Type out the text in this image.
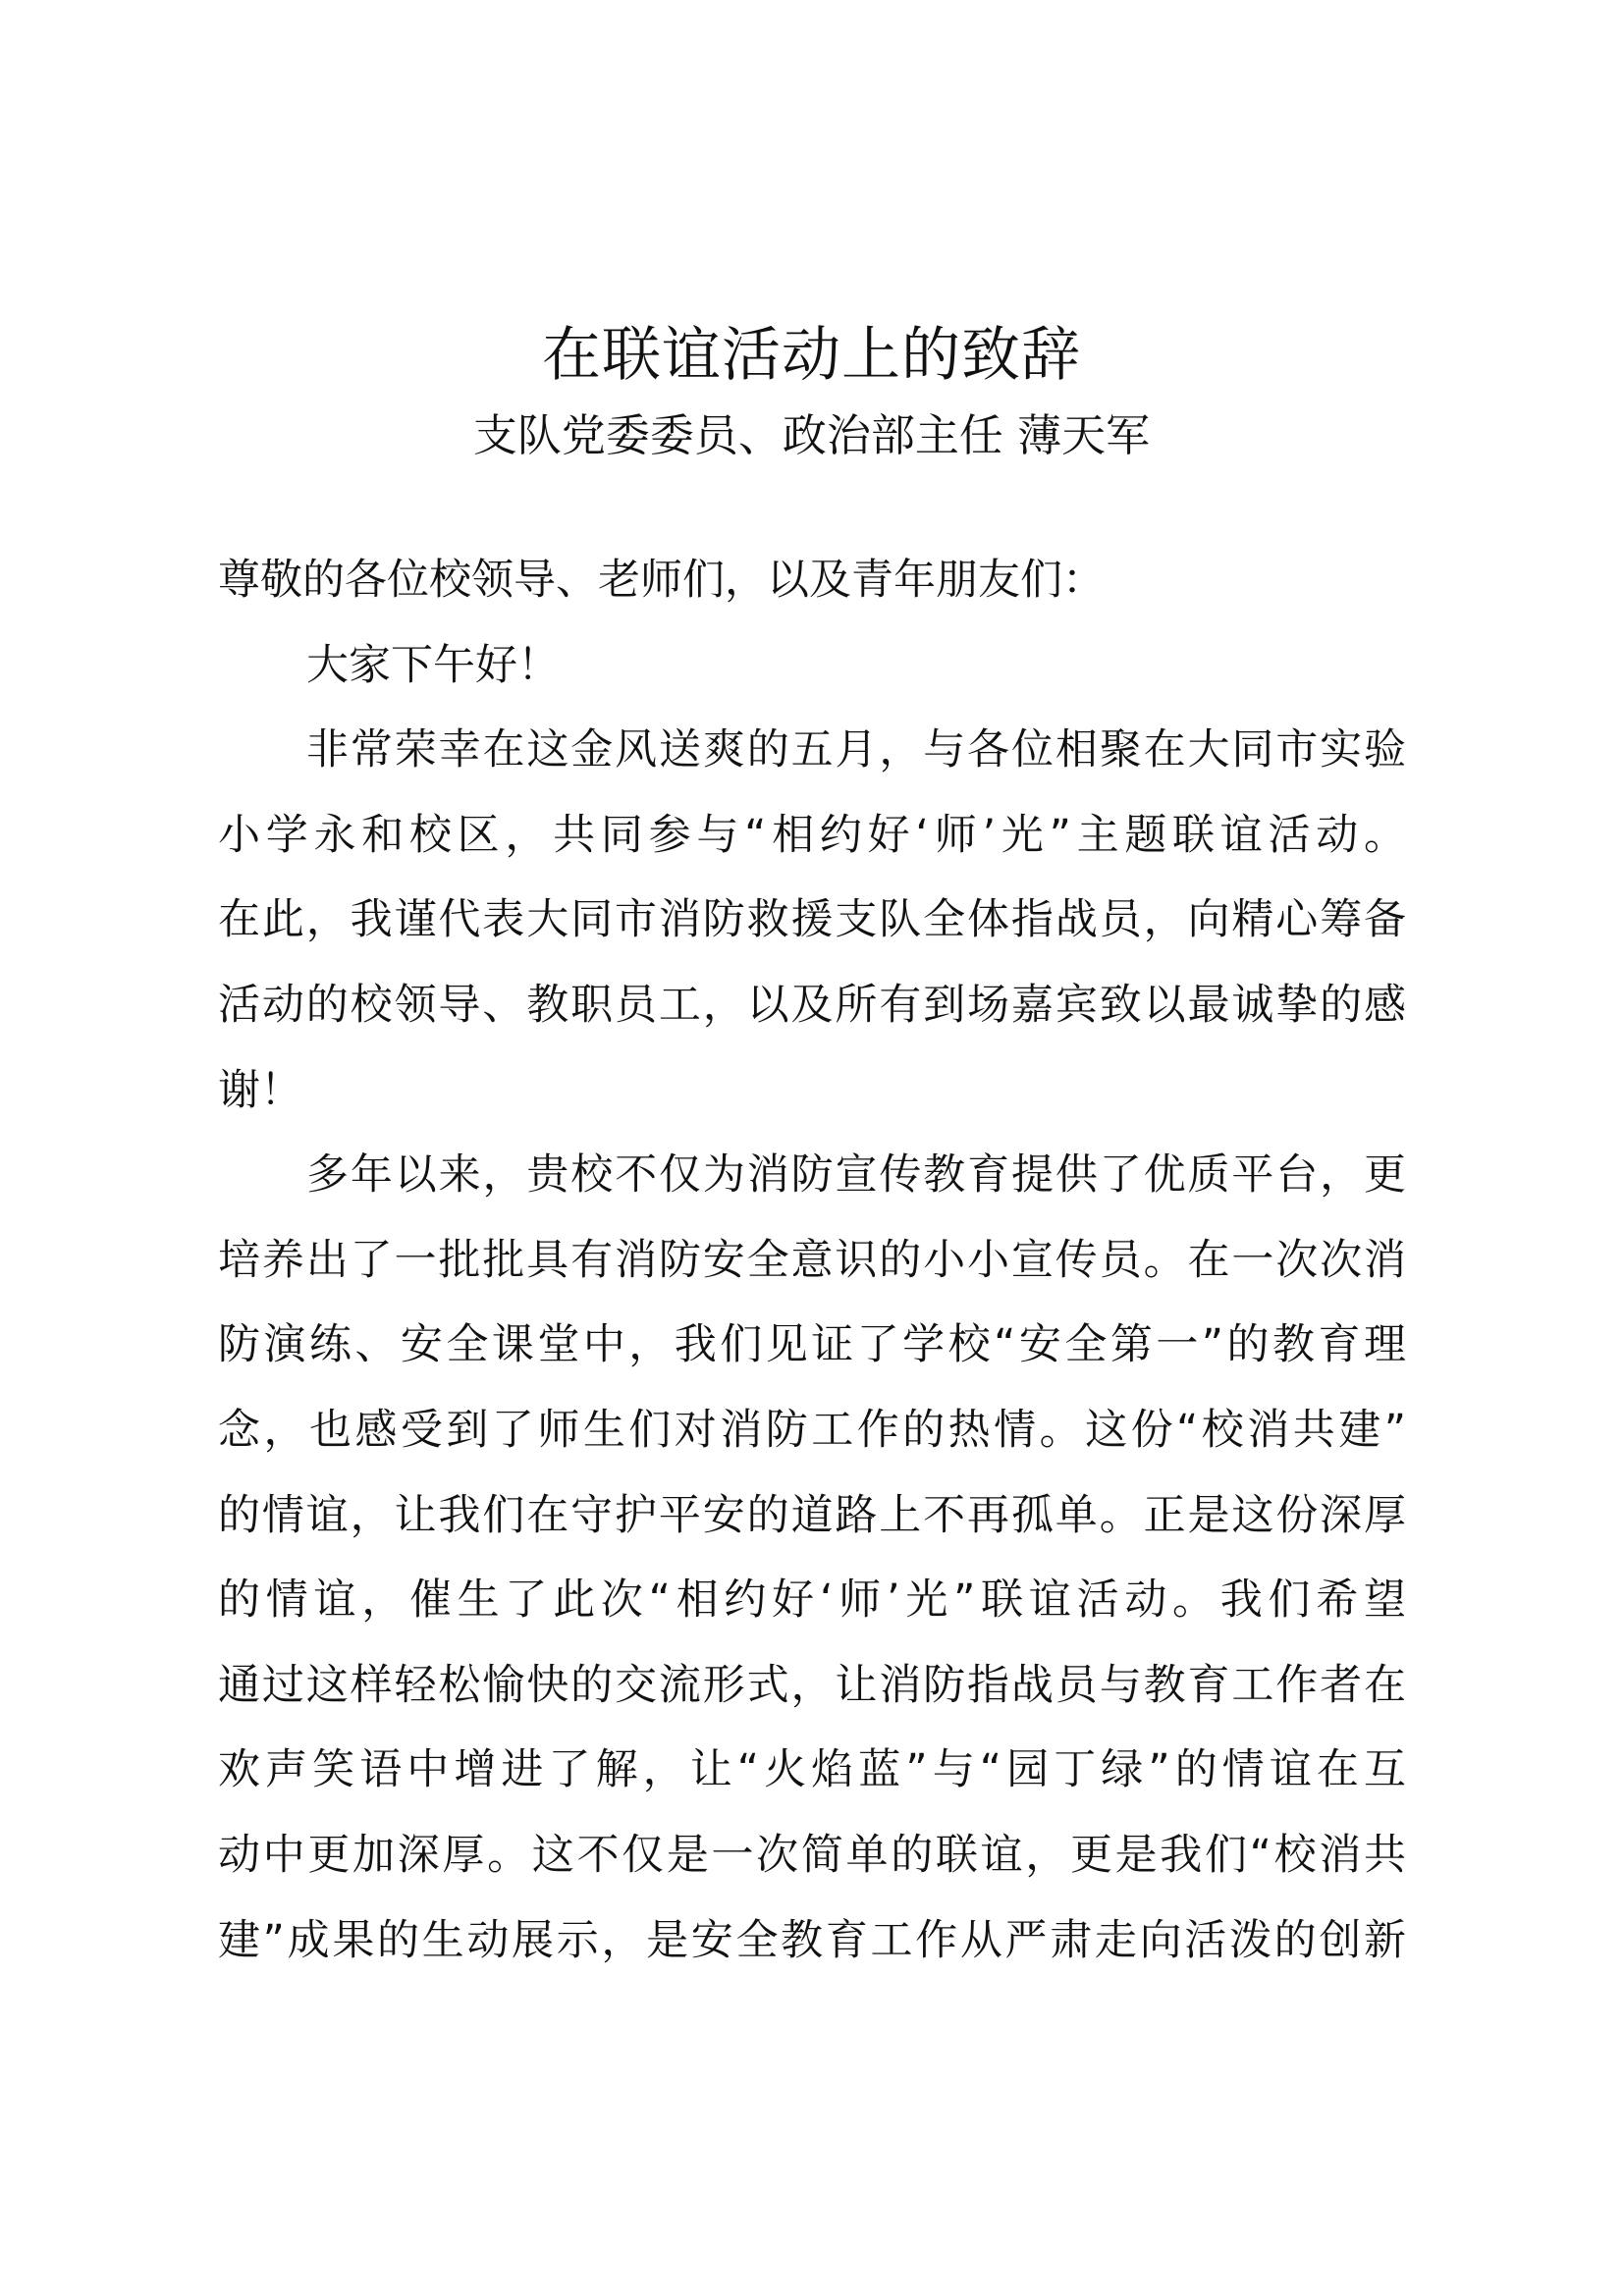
在联谊活动上的致辞
支队党委委员、政治部主任 薄天军
尊敬的各位校领导、老师们，以及青年朋友们：
大家下午好！
非常荣幸在这金风送爽的五月，与各位相聚在大同市实验
小学永和校区，共同参与“相约好‘师’光”主题联谊活动。
在此，我谨代表大同市消防救援支队全体指战员，向精心筹备
活动的校领导、教职员工，以及所有到场嘉宾致以最诚挚的感
谢！
多年以来，贵校不仅为消防宣传教育提供了优质平台，更
培养出了一批批具有消防安全意识的小小宣传员。在一次次消
防演练、安全课堂中，我们见证了学校“安全第一”的教育理
念，也感受到了师生们对消防工作的热情。这份“校消共建”
的情谊，让我们在守护平安的道路上不再孤单。正是这份深厚
的情谊，催生了此次“相约好‘师’光”联谊活动。我们希望
通过这样轻松愉快的交流形式，让消防指战员与教育工作者在
欢声笑语中增进了解，让“火焰蓝”与“园丁绿”的情谊在互
动中更加深厚。这不仅是一次简单的联谊，更是我们“校消共
建”成果的生动展示，是安全教育工作从严肃走向活泼的创新
